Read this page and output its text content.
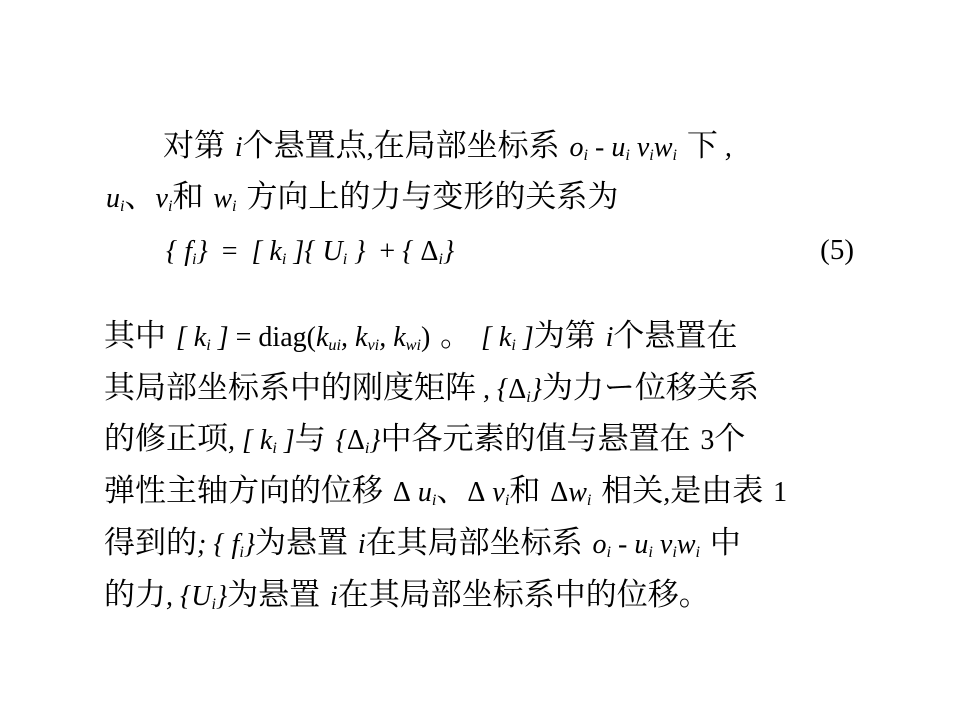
对第 i个悬置点,在局部坐标系 $o_i - u_i$ $v_iw_i$ 下 ,
$u_i$、$v_i$和 $w_i$ 方向上的力与变形的关系为
{ $f_i$}  =  [ $k_i$ ]{ $U_i$ }  + { $\Delta_i$}	(5)
其中 [ $k_i$ ] = $diag(k_{ui}$, $k_{vi}$, $k_{wi}$) 。 [ $k_i$ ]为第 i个悬置在
其局部坐标系中的刚度矩阵 , $\{\Delta_i\}$为力ー位移关系
的修正项, [ $k_i$ ]与 $\{\Delta_i\}$中各元素的值与悬置在 3个
弹性主轴方向的位移 Δ $u_i$、Δ $v_i$和 $\Delta w_i$ 相关,是由表 1
得到的; { $f_i$}为悬置 i在其局部坐标系 $o_i - u_i$ $v_iw_i$ 中
的力, $\{U_i\}$为悬置 i在其局部坐标系中的位移。
